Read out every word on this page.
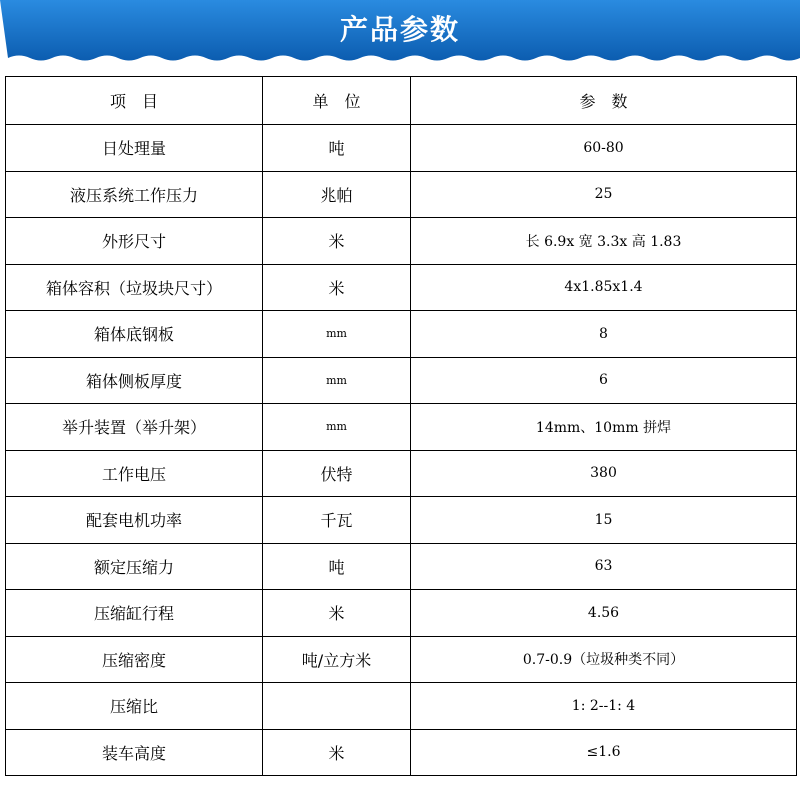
产品参数
项　目	单　位	参　数
日处理量	吨	60-80
液压系统工作压力	兆帕	25
外形尺寸	米	长 6.9x 宽 3.3x 高 1.83
箱体容积（垃圾块尺寸）	米	4x1.85x1.4
箱体底钢板	mm	8
箱体侧板厚度	mm	6
举升装置（举升架）	mm	14mm、10mm 拼焊
工作电压	伏特	380
配套电机功率	千瓦	15
额定压缩力	吨	63
压缩缸行程	米	4.56
压缩密度	吨/立方米	0.7-0.9（垃圾种类不同）
压缩比		1: 2--1: 4
装车高度	米	≤1.6
